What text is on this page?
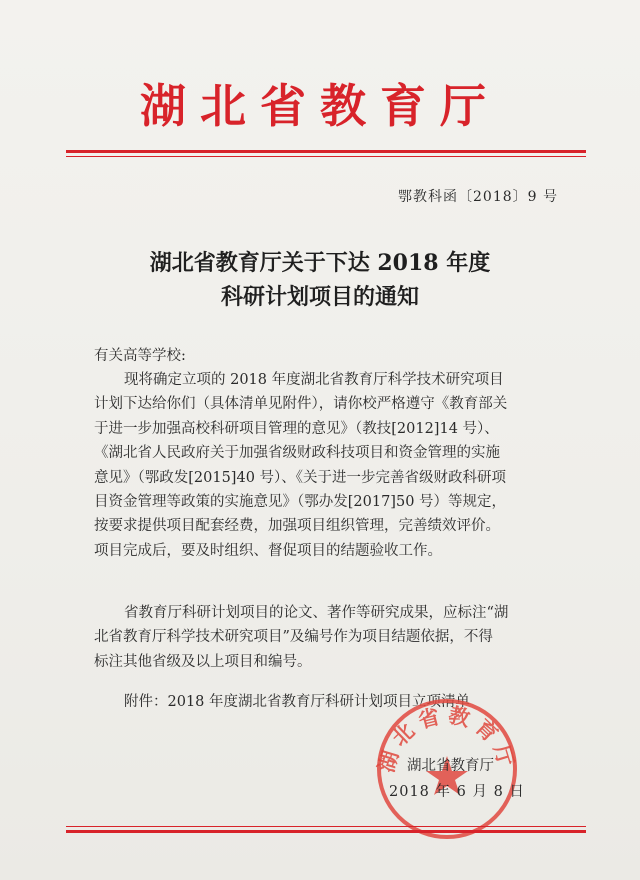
湖北省教育厅
鄂教科函〔2018〕9 号
湖北省教育厅关于下达 2018 年度
科研计划项目的通知
有关高等学校:
现将确定立项的 2018 年度湖北省教育厅科学技术研究项目
计划下达给你们（具体清单见附件），请你校严格遵守《教育部关
于进一步加强高校科研项目管理的意见》（教技[2012]14 号）、
《湖北省人民政府关于加强省级财政科技项目和资金管理的实施
意见》（鄂政发[2015]40 号）、《关于进一步完善省级财政科研项
目资金管理等政策的实施意见》（鄂办发[2017]50 号）等规定，
按要求提供项目配套经费，加强项目组织管理，完善绩效评价。
项目完成后，要及时组织、督促项目的结题验收工作。
省教育厅科研计划项目的论文、著作等研究成果，应标注“湖
北省教育厅科学技术研究项目”及编号作为项目结题依据，不得
标注其他省级及以上项目和编号。
附件：2018 年度湖北省教育厅科研计划项目立项清单
湖北省教育厅
湖北省教育厅
2018 年 6 月 8 日
